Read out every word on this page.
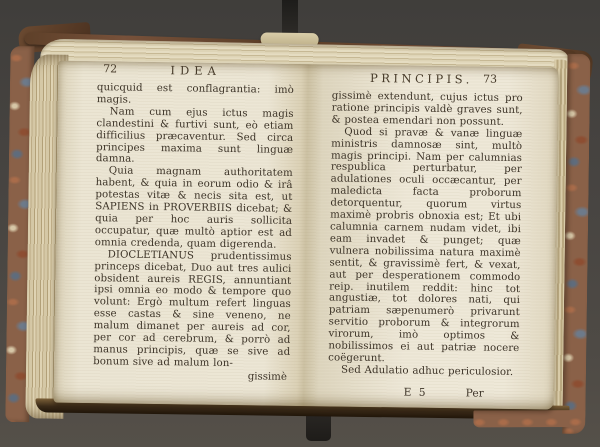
72	IDEA

quicquid est conflagrantia: imò magis.

Nam cum ejus ictus magis clandestini & furtivi sunt, eò etiam difficilius præcaventur. Sed circa principes maxima sunt linguæ damna.

Quia magnam authoritatem habent, & quia in eorum odio & irâ potestas vitæ & necis sita est, ut SAPIENS in PROVERBIIS dicebat; & quia per hoc auris sollicita occupatur, quæ multò aptior est ad omnia credenda, quam digerenda.

DIOCLETIANUS prudentissimus princeps dicebat, Duo aut tres aulici obsident aureis REGIS, annuntiant ipsi omnia eo modo & tempore quo volunt: Ergò multum refert linguas esse castas & sine veneno, ne malum dimanet per aureis ad cor, per cor ad cerebrum, & porrò ad manus principis, quæ se sive ad bonum sive ad malum lon-

gissimè
PRINCIPIS. 73

gissimè extendunt, cujus ictus pro ratione principis valdè graves sunt, & postea emendari non possunt.

Quod si pravæ & vanæ linguæ ministris damnosæ sint, multò magis principi. Nam per calumnias respublica perturbatur, per adulationes oculi occæcantur, per maledicta facta proborum detorquentur, quorum virtus maximè probris obnoxia est; Et ubi calumnia carnem nudam videt, ibi eam invadet & punget; quæ vulnera nobilissima natura maximè sentit, & gravissimè fert, & vexat, aut per desperationem commodo reip. inutilem reddit: hinc tot angustiæ, tot dolores nati, qui patriam sæpenumerò privarunt servitio proborum & integrorum virorum, imò optimos & nobilissimos ei aut patriæ nocere coëgerunt.

Sed Adulatio adhuc periculosior.

E 5	Per
